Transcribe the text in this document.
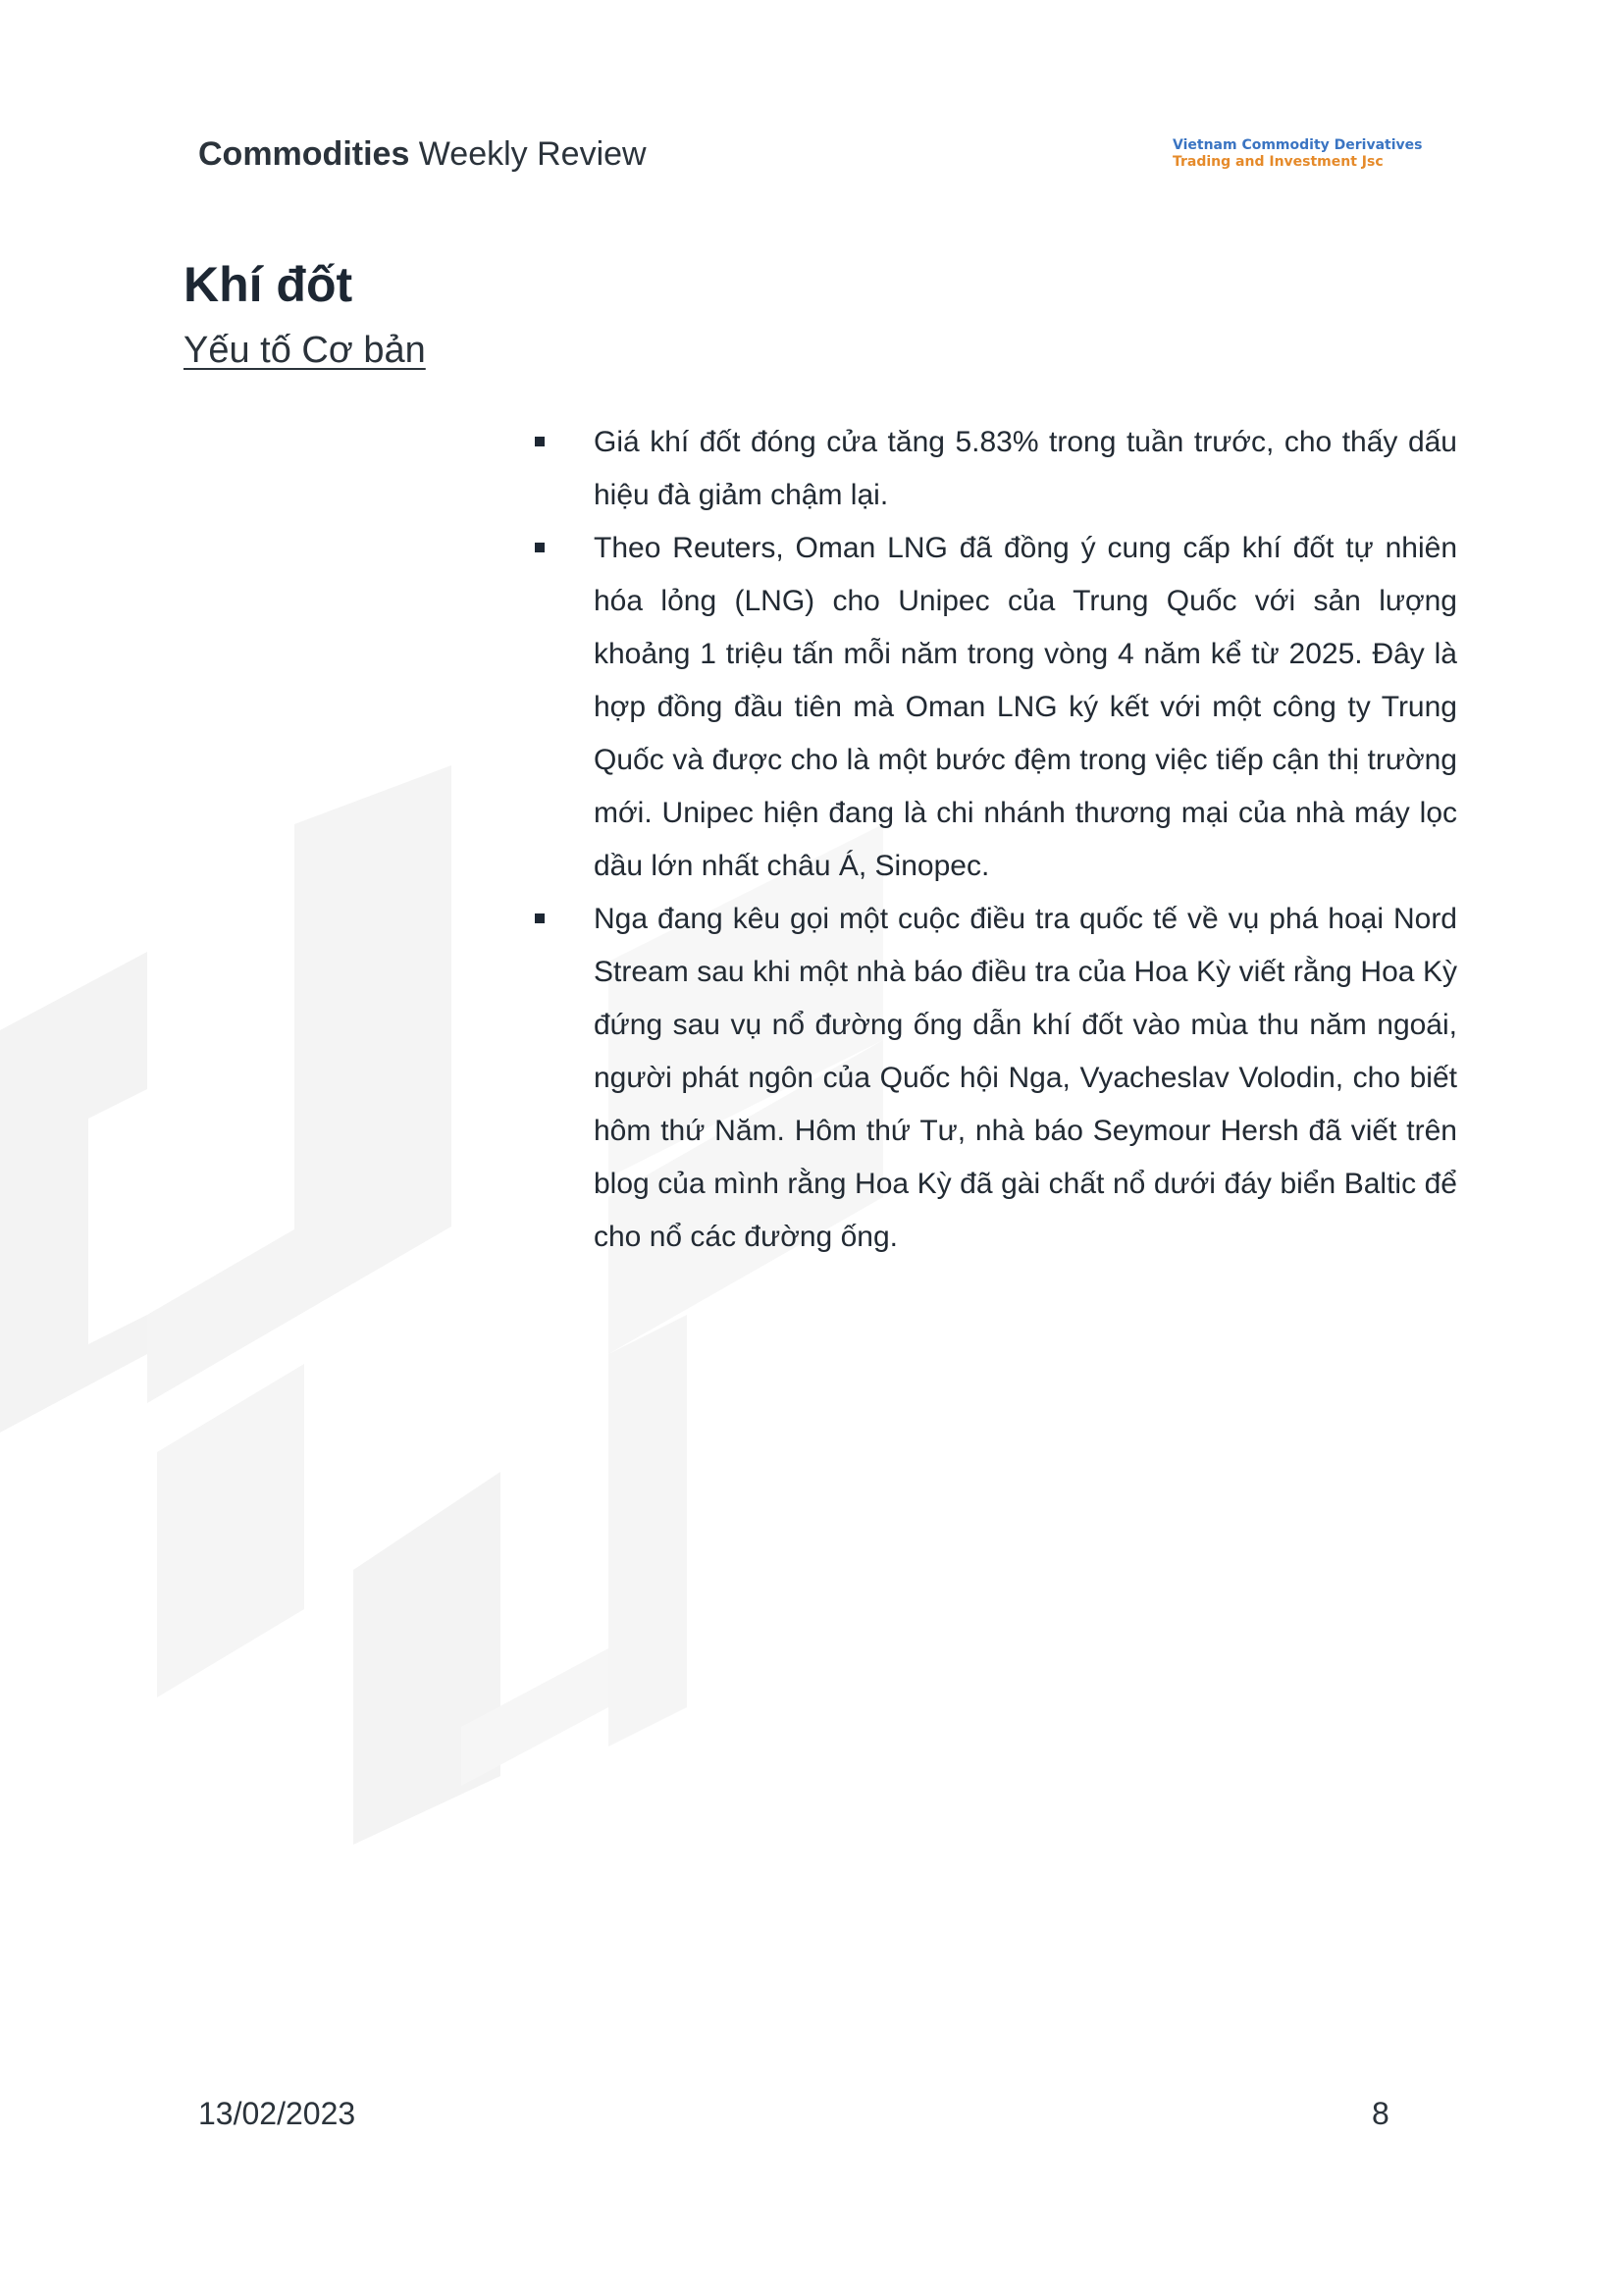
Commodities Weekly Review	Vietnam Commodity Derivatives
Trading and Investment Jsc
Khí đốt
Yếu tố Cơ bản
Giá khí đốt đóng cửa tăng 5.83% trong tuần trước, cho thấy dấu hiệu đà giảm chậm lại.
Theo Reuters, Oman LNG đã đồng ý cung cấp khí đốt tự nhiên hóa lỏng (LNG) cho Unipec của Trung Quốc với sản lượng khoảng 1 triệu tấn mỗi năm trong vòng 4 năm kể từ 2025. Đây là hợp đồng đầu tiên mà Oman LNG ký kết với một công ty Trung Quốc và được cho là một bước đệm trong việc tiếp cận thị trường mới. Unipec hiện đang là chi nhánh thương mại của nhà máy lọc dầu lớn nhất châu Á, Sinopec.
Nga đang kêu gọi một cuộc điều tra quốc tế về vụ phá hoại Nord Stream sau khi một nhà báo điều tra của Hoa Kỳ viết rằng Hoa Kỳ đứng sau vụ nổ đường ống dẫn khí đốt vào mùa thu năm ngoái, người phát ngôn của Quốc hội Nga, Vyacheslav Volodin, cho biết hôm thứ Năm. Hôm thứ Tư, nhà báo Seymour Hersh đã viết trên blog của mình rằng Hoa Kỳ đã gài chất nổ dưới đáy biển Baltic để cho nổ các đường ống.
13/02/2023	8
